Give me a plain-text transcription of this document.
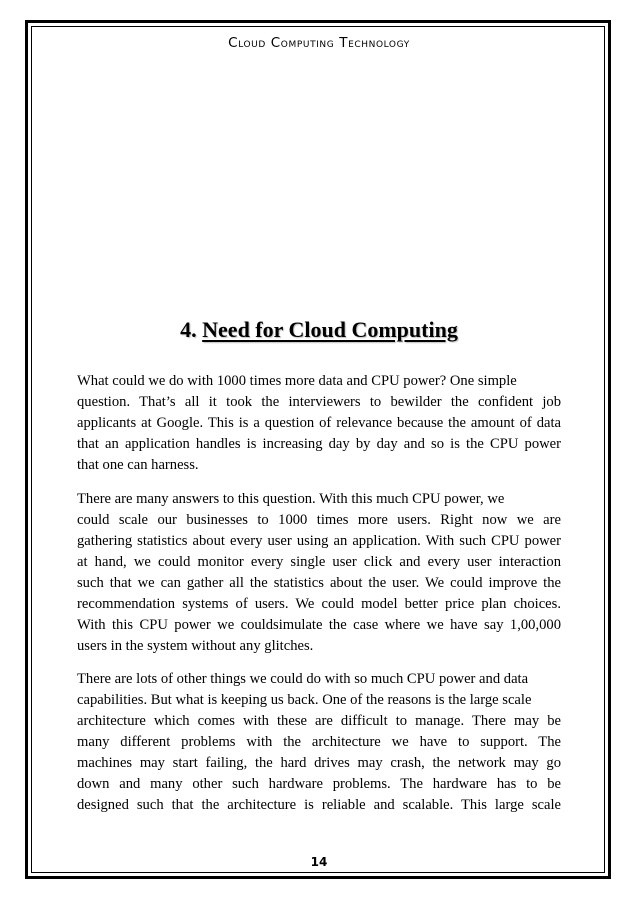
Cloud Computing Technology
4. Need for Cloud Computing
What could we do with 1000 times more data and CPU power? One simple
question. That’s all it took the interviewers to bewilder the confident job
applicants at Google. This is a question of relevance because the amount of data
that an application handles is increasing day by day and so is the CPU power
that one can harness.
There are many answers to this question. With this much CPU power, we
could scale our businesses to 1000 times more users. Right now we are
gathering statistics about every user using an application. With such CPU power
at hand, we could monitor every single user click and every user interaction
such that we can gather all the statistics about the user. We could improve the
recommendation systems of users. We could model better price plan choices.
With this CPU power we couldsimulate the case where we have say 1,00,000
users in the system without any glitches.
There are lots of other things we could do with so much CPU power and data
capabilities. But what is keeping us back. One of the reasons is the large scale
architecture which comes with these are difficult to manage. There may be
many different problems with the architecture we have to support. The
machines may start failing, the hard drives may crash, the network may go
down and many other such hardware problems. The hardware has to be
designed such that the architecture is reliable and scalable. This large scale
14
